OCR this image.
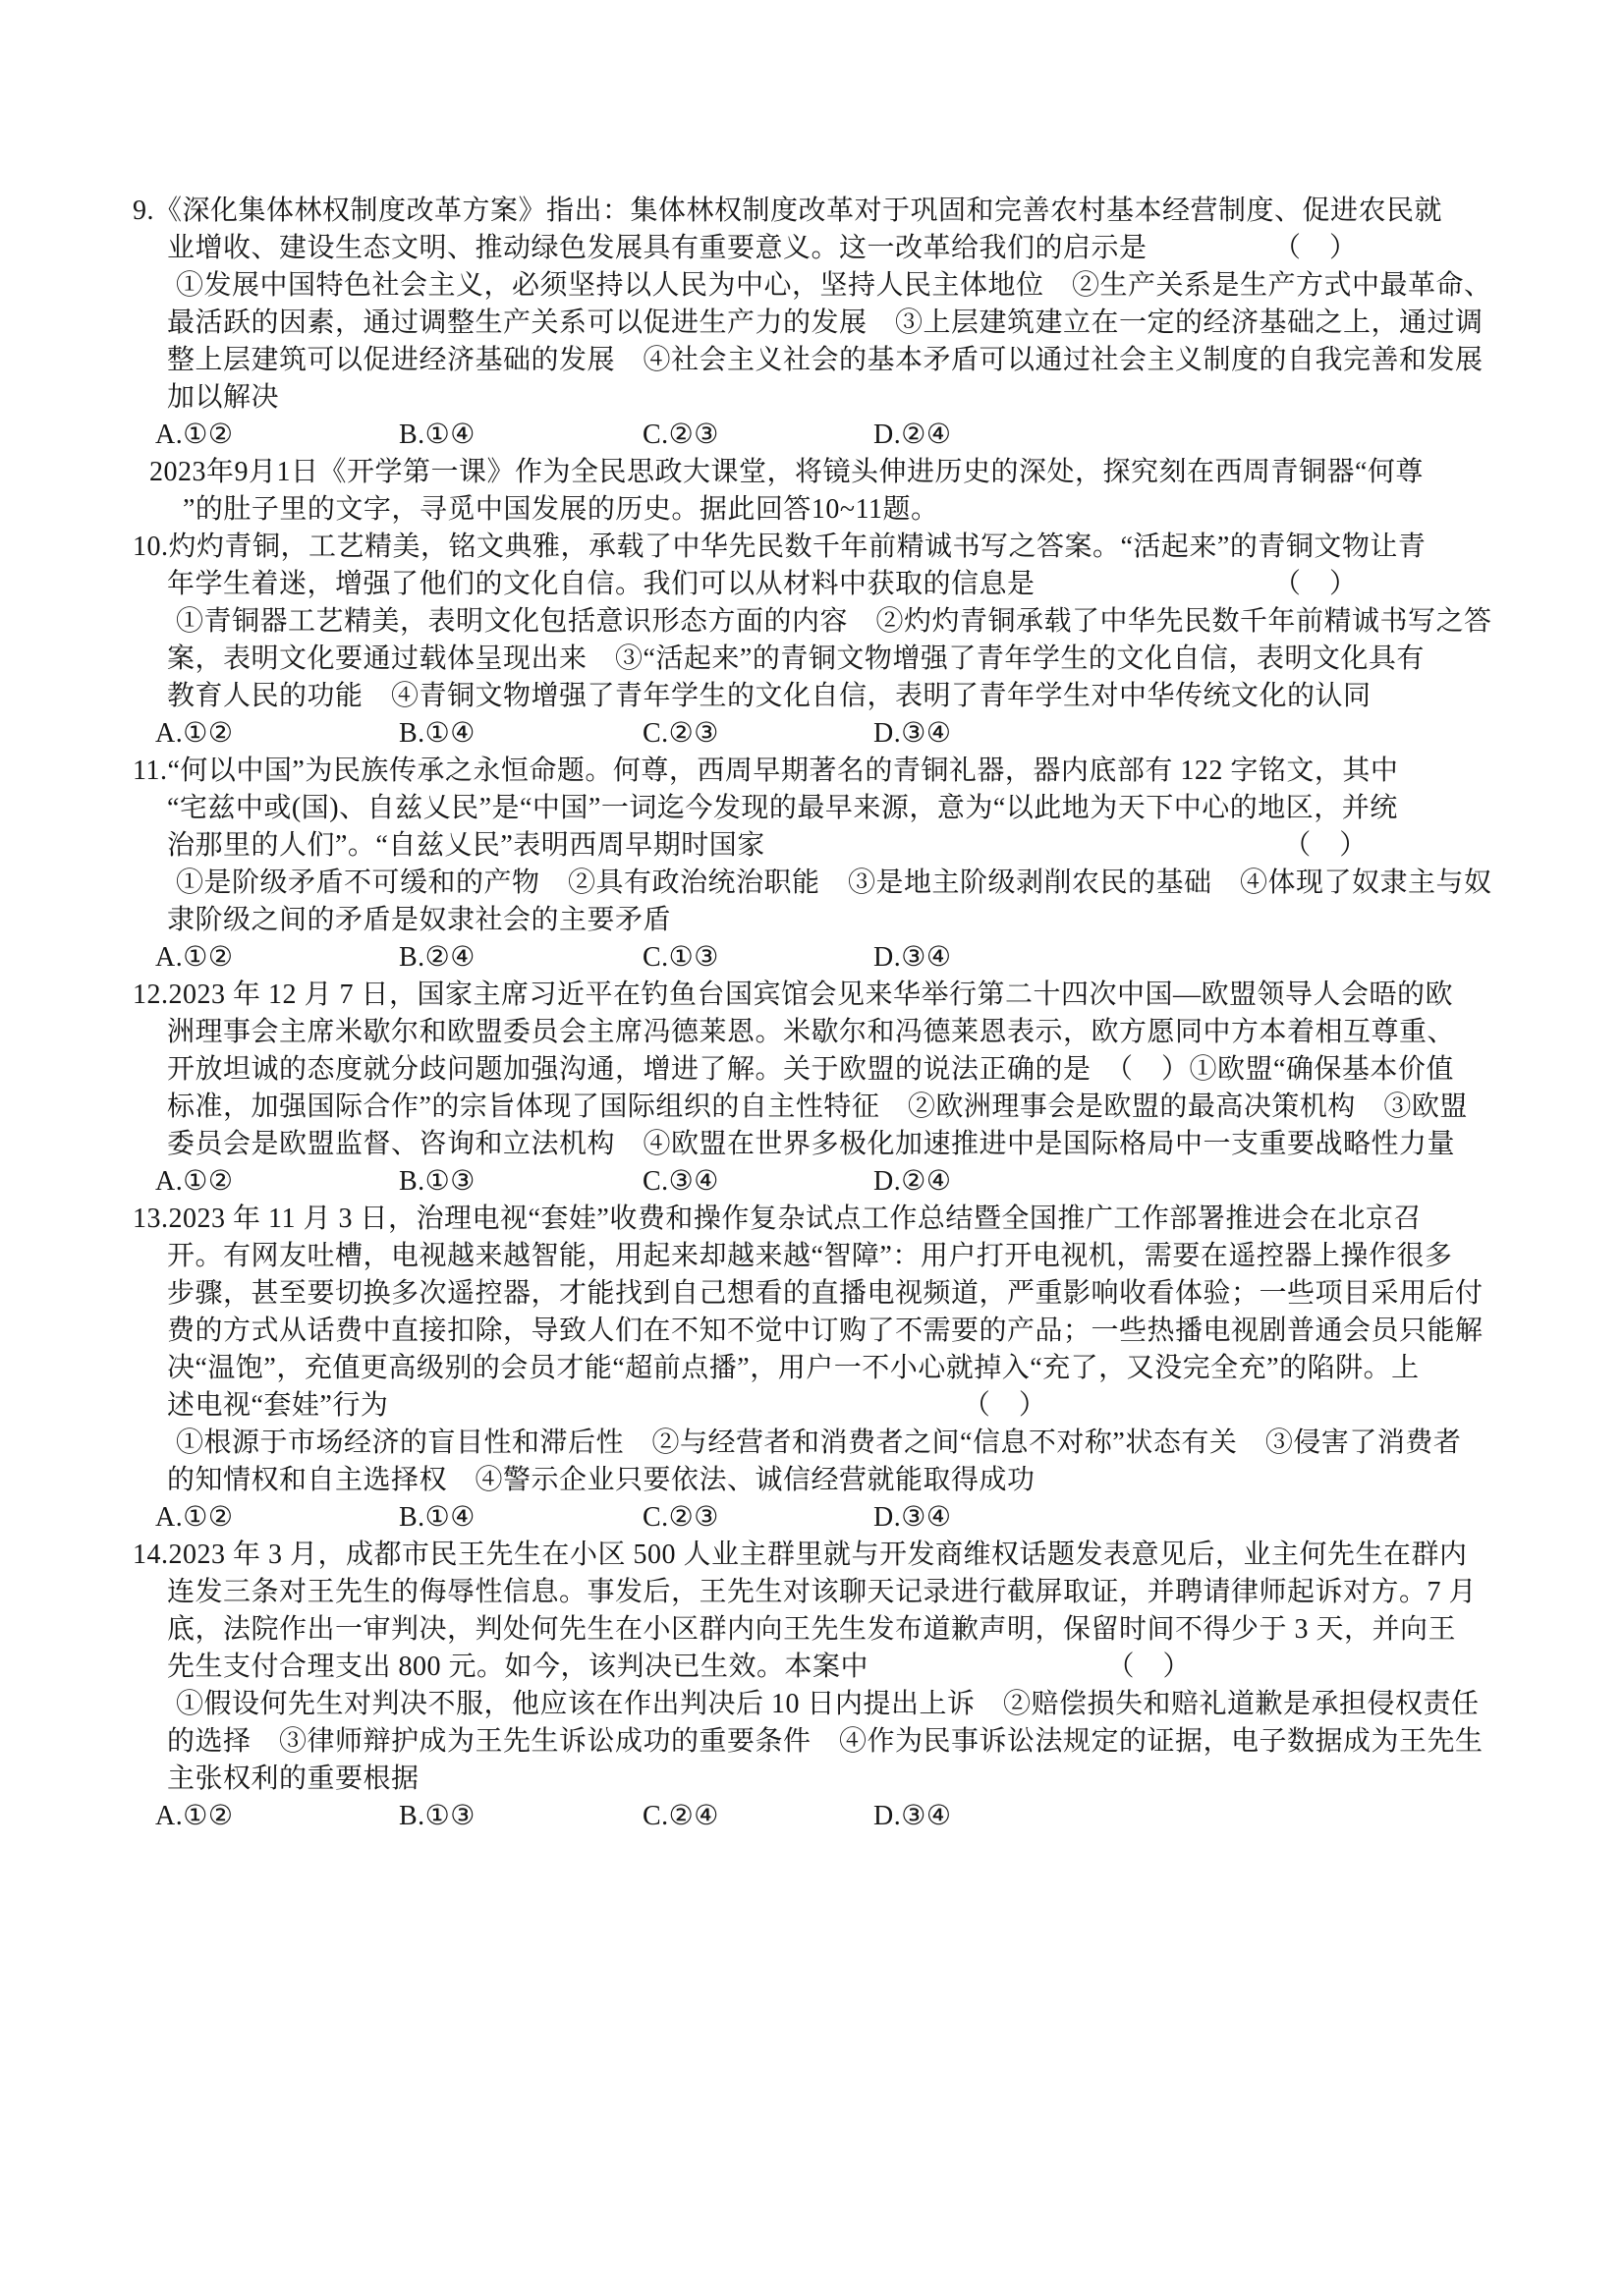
9.《深化集体林权制度改革方案》指出：集体林权制度改革对于巩固和完善农村基本经营制度、促进农民就
业增收、建设生态文明、推动绿色发展具有重要意义。这一改革给我们的启示是　　　　　（　）
①发展中国特色社会主义，必须坚持以人民为中心，坚持人民主体地位　②生产关系是生产方式中最革命、
最活跃的因素，通过调整生产关系可以促进生产力的发展　③上层建筑建立在一定的经济基础之上，通过调
整上层建筑可以促进经济基础的发展　④社会主义社会的基本矛盾可以通过社会主义制度的自我完善和发展
加以解决
A.①②	B.①④	C.②③	D.②④
2023年9月1日《开学第一课》作为全民思政大课堂，将镜头伸进历史的深处，探究刻在西周青铜器“何尊
”的肚子里的文字，寻觅中国发展的历史。据此回答10~11题。
10.灼灼青铜，工艺精美，铭文典雅，承载了中华先民数千年前精诚书写之答案。“活起来”的青铜文物让青
年学生着迷，增强了他们的文化自信。我们可以从材料中获取的信息是　　　　　　　　　（　）
①青铜器工艺精美，表明文化包括意识形态方面的内容　②灼灼青铜承载了中华先民数千年前精诚书写之答
案，表明文化要通过载体呈现出来　③“活起来”的青铜文物增强了青年学生的文化自信，表明文化具有
教育人民的功能　④青铜文物增强了青年学生的文化自信，表明了青年学生对中华传统文化的认同
A.①②	B.①④	C.②③	D.③④
11.“何以中国”为民族传承之永恒命题。何尊，西周早期著名的青铜礼器，器内底部有 122 字铭文，其中
“宅兹中或(国)、自兹乂民”是“中国”一词迄今发现的最早来源，意为“以此地为天下中心的地区，并统
治那里的人们”。“自兹乂民”表明西周早期时国家　　　　　　　　　　　　　　　　　　　（　）
①是阶级矛盾不可缓和的产物　②具有政治统治职能　③是地主阶级剥削农民的基础　④体现了奴隶主与奴
隶阶级之间的矛盾是奴隶社会的主要矛盾
A.①②	B.②④	C.①③	D.③④
12.2023 年 12 月 7 日，国家主席习近平在钓鱼台国宾馆会见来华举行第二十四次中国—欧盟领导人会晤的欧
洲理事会主席米歇尔和欧盟委员会主席冯德莱恩。米歇尔和冯德莱恩表示，欧方愿同中方本着相互尊重、
开放坦诚的态度就分歧问题加强沟通，增进了解。关于欧盟的说法正确的是　（　）①欧盟“确保基本价值
标准，加强国际合作”的宗旨体现了国际组织的自主性特征　②欧洲理事会是欧盟的最高决策机构　③欧盟
委员会是欧盟监督、咨询和立法机构　④欧盟在世界多极化加速推进中是国际格局中一支重要战略性力量
A.①②	B.①③	C.③④	D.②④
13.2023 年 11 月 3 日，治理电视“套娃”收费和操作复杂试点工作总结暨全国推广工作部署推进会在北京召
开。有网友吐槽，电视越来越智能，用起来却越来越“智障”：用户打开电视机，需要在遥控器上操作很多
步骤，甚至要切换多次遥控器，才能找到自己想看的直播电视频道，严重影响收看体验；一些项目采用后付
费的方式从话费中直接扣除，导致人们在不知不觉中订购了不需要的产品；一些热播电视剧普通会员只能解
决“温饱”，充值更高级别的会员才能“超前点播”，用户一不小心就掉入“充了，又没完全充”的陷阱。上
述电视“套娃”行为　　　　　　　　　　　　　　　　　　　　　（　）
①根源于市场经济的盲目性和滞后性　②与经营者和消费者之间“信息不对称”状态有关　③侵害了消费者
的知情权和自主选择权　④警示企业只要依法、诚信经营就能取得成功
A.①②	B.①④	C.②③	D.③④
14.2023 年 3 月，成都市民王先生在小区 500 人业主群里就与开发商维权话题发表意见后，业主何先生在群内
连发三条对王先生的侮辱性信息。事发后，王先生对该聊天记录进行截屏取证，并聘请律师起诉对方。7 月
底，法院作出一审判决，判处何先生在小区群内向王先生发布道歉声明，保留时间不得少于 3 天，并向王
先生支付合理支出 800 元。如今，该判决已生效。本案中　　　　　　　　　（　）
①假设何先生对判决不服，他应该在作出判决后 10 日内提出上诉　②赔偿损失和赔礼道歉是承担侵权责任
的选择　③律师辩护成为王先生诉讼成功的重要条件　④作为民事诉讼法规定的证据，电子数据成为王先生
主张权利的重要根据
A.①②	B.①③	C.②④	D.③④
